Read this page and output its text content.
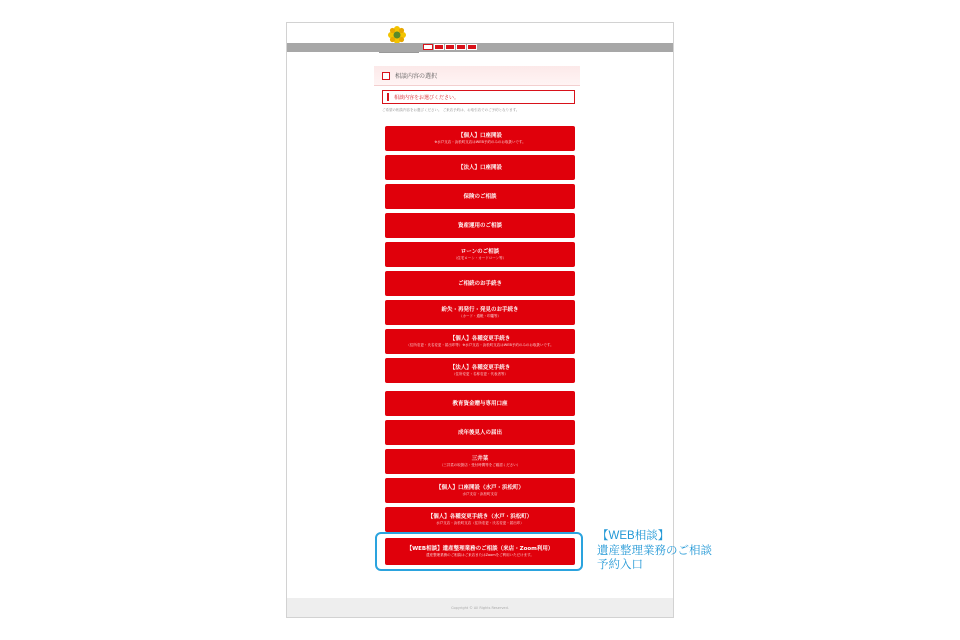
相談内容の選択
相談内容をお選びください。
ご希望の相談内容をお選びください。 ご来店予約は、お取引店でのご予約となります。
【個人】口座開設
※水戸支店・浜松町支店はWEB予約のみのお取扱いです。
【法人】口座開設
保険のご相談
資産運用のご相談
ローンのご相談
（住宅ローン・カードローン等）
ご相続のお手続き
紛失・再発行・発見のお手続き
（カード・通帳・印鑑等）
【個人】各種変更手続き
（住所変更・氏名変更・届出印等）※水戸支店・浜松町支店はWEB予約のみのお取扱いです。
【法人】各種変更手続き
（住所変更・名称変更・代表者等）
教育資金贈与専用口座
成年後見人の届出
三井菜
（三井菜の取扱店・受付時間等をご確認ください）
【個人】口座開設（水戸・浜松町）
水戸支店・浜松町支店
【個人】各種変更手続き（水戸・浜松町）
水戸支店・浜松町支店（住所変更・氏名変更・届出印）
【WEB相談】遺産整理業務のご相談（来店・Zoom利用）
遺産整理業務のご相談はご来店またはZoomをご利用いただけます。
Copyright © All Rights Reserved.
【WEB相談】
遺産整理業務のご相談
予約入口
